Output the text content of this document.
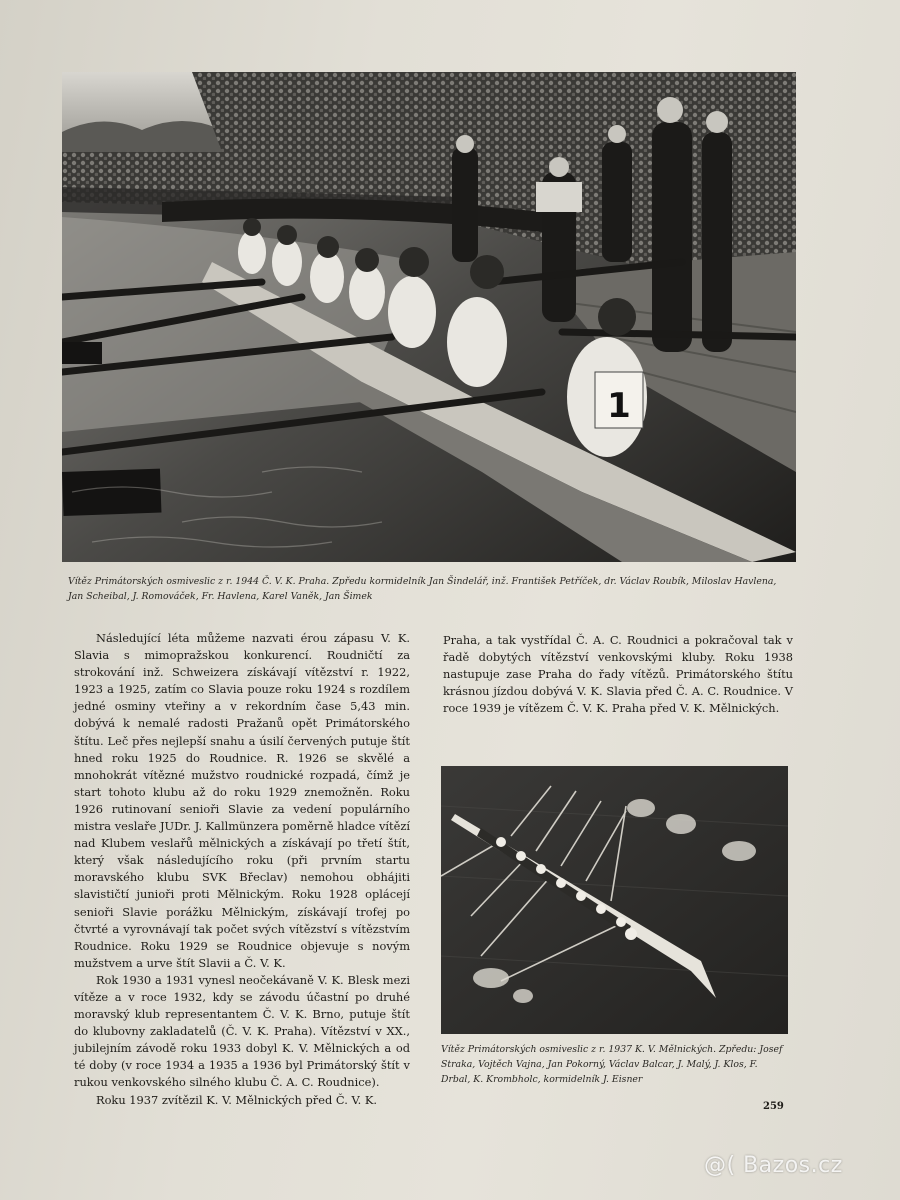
1
Vítěz Primátorských osmiveslic z r. 1944 Č. V. K. Praha. Zpředu kormidelník Jan Šindelář, inž. František Petříček, dr. Václav Roubík, Miloslav Havlena, Jan Scheibal, J. Romováček, Fr. Havlena, Karel Vaněk, Jan Šimek

Následující léta můžeme nazvati érou zápasu V. K. Slavia s mimopražskou konkurencí. Roudničtí za strokování inž. Schweizera získávají vítězství r. 1922, 1923 a 1925, zatím co Slavia pouze roku 1924 s rozdílem jedné osminy vteřiny a v rekordním čase 5,43 min. dobývá k nemalé radosti Pražanů opět Primátorského štítu. Leč přes nejlepší snahu a úsilí červených putuje štít hned roku 1925 do Roudnice. R. 1926 se skvělé a mnohokrát vítězné mužstvo roudnické rozpadá, čímž je start tohoto klubu až do roku 1929 znemožněn. Roku 1926 rutinovaní senioři Slavie za vedení populárního mistra veslaře JUDr. J. Kallmünzera poměrně hladce vítězí nad Klubem veslařů mělnických a získávají po třetí štít, který však následujícího roku (při prvním startu moravského klubu SVK Břeclav) nemohou obhájiti slavističtí junioři proti Mělnickým. Roku 1928 oplácejí senioři Slavie porážku Mělnickým, získávají trofej po čtvrté a vyrovnávají tak počet svých vítězství s vítězstvím Roudnice. Roku 1929 se Roudnice objevuje s novým mužstvem a urve štít Slavii a Č. V. K.

Rok 1930 a 1931 vynesl neočekávaně V. K. Blesk mezi vítěze a v roce 1932, kdy se závodu účastní po druhé moravský klub representantem Č. V. K. Brno, putuje štít do klubovny zakladatelů (Č. V. K. Praha). Vítězství v XX., jubilejním závodě roku 1933 dobyl K. V. Mělnických a od té doby (v roce 1934 a 1935 a 1936 byl Primátorský štít v rukou venkovského silného klubu Č. A. C. Roudnice).

Roku 1937 zvítězil K. V. Mělnických před Č. V. K.

Praha, a tak vystřídal Č. A. C. Roudnici a pokračoval tak v řadě dobytých vítězství venkovskými kluby. Roku 1938 nastupuje zase Praha do řady vítězů. Primátorského štítu krásnou jízdou dobývá V. K. Slavia před Č. A. C. Roudnice. V roce 1939 je vítězem Č. V. K. Praha před V. K. Mělnických.

Vítěz Primátorských osmiveslic z r. 1937 K. V. Mělnických. Zpředu: Josef Straka, Vojtěch Vajna, Jan Pokorný, Václav Balcar, J. Malý, J. Klos, F. Drbal, K. Krombholc, kormidelník J. Eisner
259
@( Bazos.cz
